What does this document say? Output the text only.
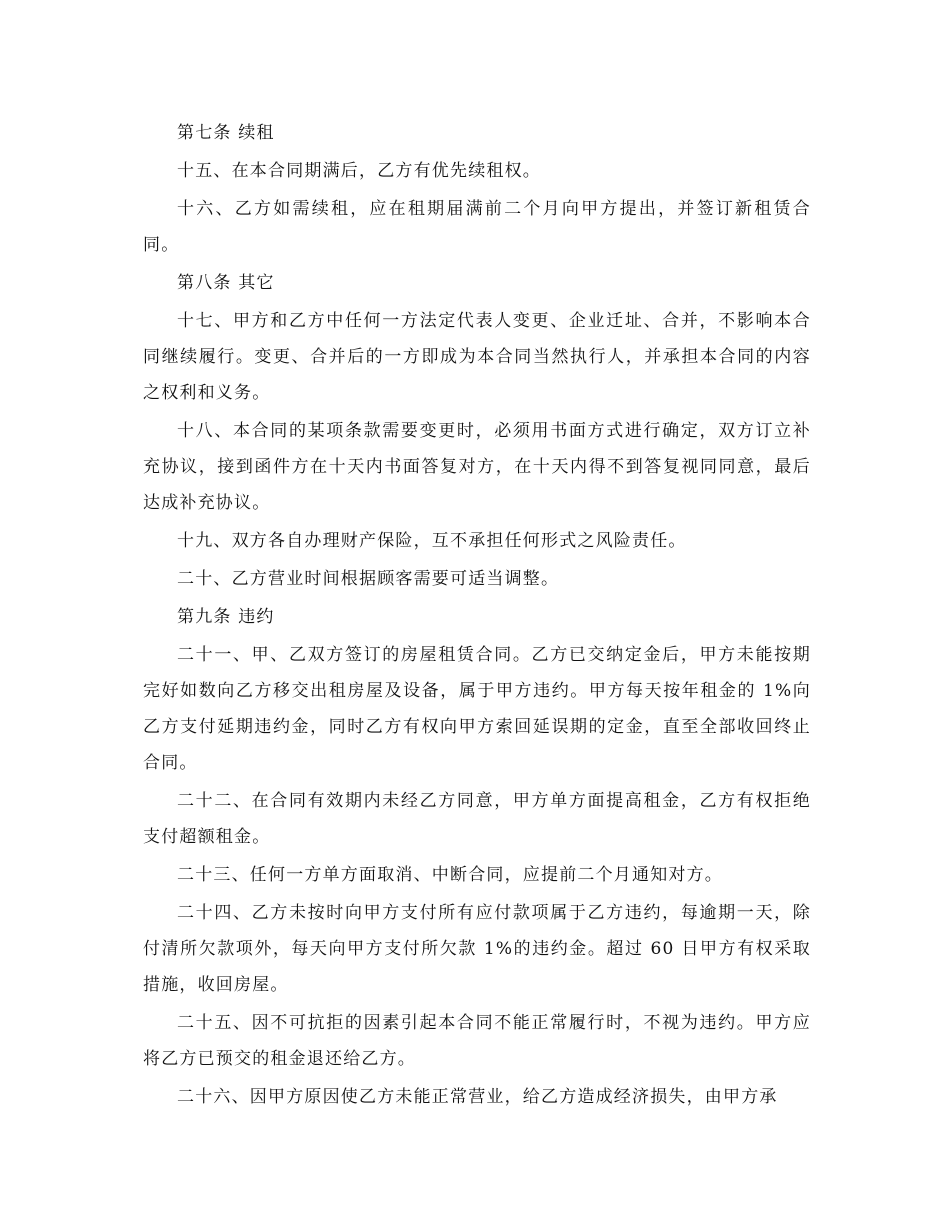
第七条 续租

十五、在本合同期满后，乙方有优先续租权。

十六、乙方如需续租，应在租期届满前二个月向甲方提出，并签订新租赁合同。

第八条 其它

十七、甲方和乙方中任何一方法定代表人变更、企业迁址、合并，不影响本合同继续履行。变更、合并后的一方即成为本合同当然执行人，并承担本合同的内容之权利和义务。

十八、本合同的某项条款需要变更时，必须用书面方式进行确定，双方订立补充协议，接到函件方在十天内书面答复对方，在十天内得不到答复视同同意，最后达成补充协议。

十九、双方各自办理财产保险，互不承担任何形式之风险责任。

二十、乙方营业时间根据顾客需要可适当调整。

第九条 违约

二十一、甲、乙双方签订的房屋租赁合同。乙方已交纳定金后，甲方未能按期完好如数向乙方移交出租房屋及设备，属于甲方违约。甲方每天按年租金的 1%向乙方支付延期违约金，同时乙方有权向甲方索回延误期的定金，直至全部收回终止合同。

二十二、在合同有效期内未经乙方同意，甲方单方面提高租金，乙方有权拒绝支付超额租金。

二十三、任何一方单方面取消、中断合同，应提前二个月通知对方。

二十四、乙方未按时向甲方支付所有应付款项属于乙方违约，每逾期一天，除付清所欠款项外，每天向甲方支付所欠款 1%的违约金。超过 60 日甲方有权采取措施，收回房屋。

二十五、因不可抗拒的因素引起本合同不能正常履行时，不视为违约。甲方应将乙方已预交的租金退还给乙方。

二十六、因甲方原因使乙方未能正常营业，给乙方造成经济损失，由甲方承
